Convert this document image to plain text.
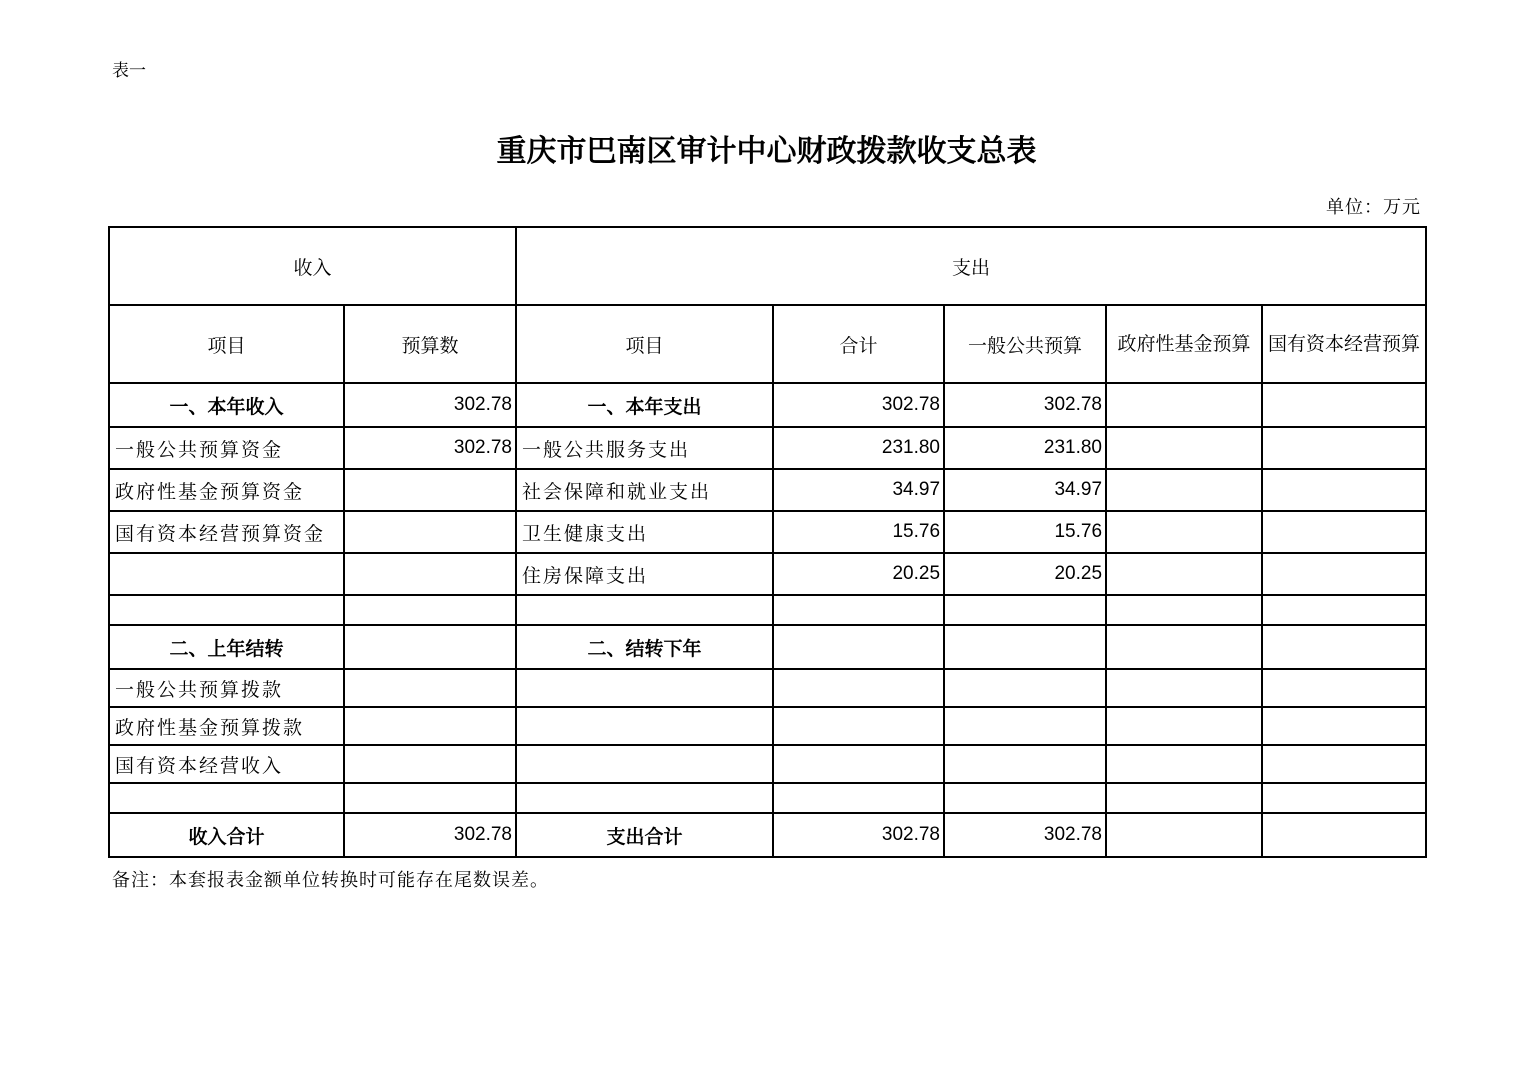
表一
重庆市巴南区审计中心财政拨款收支总表
单位：万元
收入		支出				
项目	预算数	项目	合计	一般公共预算	政府性基金预算	国有资本经营预算
一、本年收入	302.78	一、本年支出	302.78	302.78		
一般公共预算资金	302.78	一般公共服务支出	231.80	231.80		
政府性基金预算资金		社会保障和就业支出	34.97	34.97		
国有资本经营预算资金		卫生健康支出	15.76	15.76		
		住房保障支出	20.25	20.25		

二、上年结转		二、结转下年				
一般公共预算拨款						
政府性基金预算拨款						
国有资本经营收入						

收入合计	302.78	支出合计	302.78	302.78		
备注：本套报表金额单位转换时可能存在尾数误差。
